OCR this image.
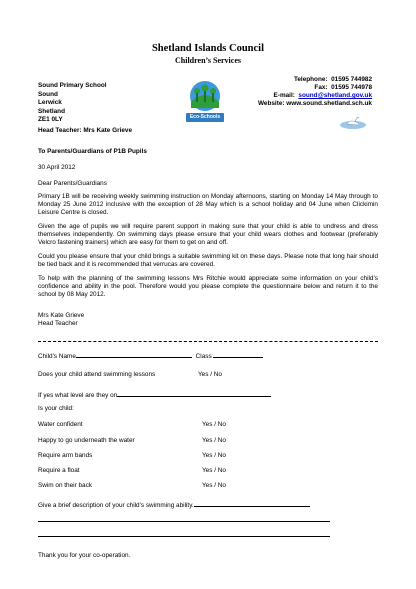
Shetland Islands Council
Children’s Services
Sound Primary School
Sound
Lerwick
Shetland
ZE1 0LY	Eco-Schools
Telephone: 01595 744982
Fax: 01595 744978
E-mail: sound@shetland.gov.uk
Website: www.sound.shetland.sch.uk
Head Teacher: Mrs Kate Grieve
To Parents/Guardians of P1B Pupils
30 April 2012
Dear Parents/Guardians
Primary 1B will be receiving weekly swimming instruction on Monday afternoons, starting on Monday 14 May through to Monday 25 June 2012 inclusive with the exception of 28 May which is a school holiday and 04 June when Clickimin Leisure Centre is closed.
Given the age of pupils we will require parent support in making sure that your child is able to undress and dress themselves independently. On swimming days please ensure that your child wears clothes and footwear (preferably Velcro fastening trainers) which are easy for them to get on and off.
Could you please ensure that your child brings a suitable swimming kit on these days. Please note that long hair should be tied back and it is recommended that verrucas are covered.
To help with the planning of the swimming lessons Mrs Ritchie would appreciate some information on your child’s confidence and ability in the pool. Therefore would you please complete the questionnaire below and return it to the school by 08 May 2012.
Mrs Kate Grieve
Head Teacher
Child’s Name	Class
Does your child attend swimming lessons	Yes / No
If yes what level are they on
Is your child:
Water confident	Yes / No
Happy to go underneath the water	Yes / No
Require arm bands	Yes / No
Require a float	Yes / No
Swim on their back	Yes / No
Give a brief description of your child’s swimming ability.
Thank you for your co-operation.
